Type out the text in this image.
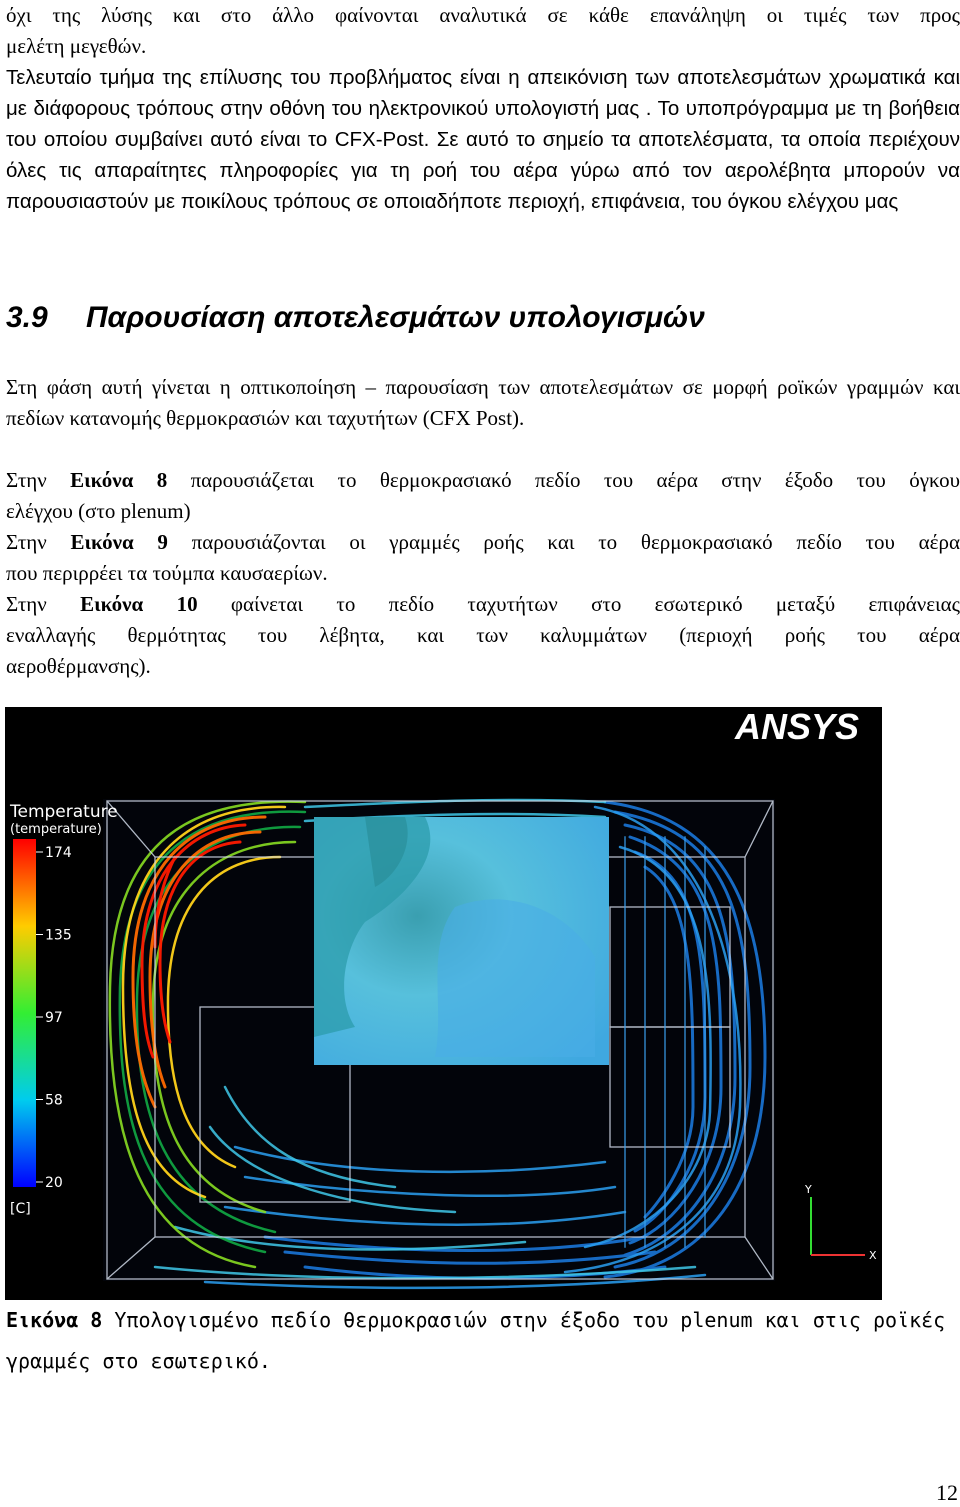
όχι της λύσης και στο άλλο φαίνονται αναλυτικά σε κάθε επανάληψη οι τιμές των προς

μελέτη μεγεθών.

Τελευταίο τμήμα της επίλυσης του προβλήματος είναι η απεικόνιση των αποτελεσμάτων χρωματικά και με διάφορους τρόπους στην οθόνη του ηλεκτρονικού υπολογιστή μας . Το υποπρόγραμμα με τη βοήθεια του οποίου συμβαίνει αυτό είναι το CFX-Post. Σε αυτό το σημείο τα αποτελέσματα, τα οποία περιέχουν όλες τις απαραίτητες πληροφορίες για τη ροή του αέρα γύρω από τον αερολέβητα μπορούν να παρουσιαστούν με ποικίλους τρόπους σε οποιαδήποτε περιοχή, επιφάνεια, του όγκου ελέγχου μας

3.9 Παρουσίαση αποτελεσμάτων υπολογισμών

Στη φάση αυτή γίνεται η οπτικοποίηση – παρουσίαση των αποτελεσμάτων σε μορφή ροϊκών γραμμών και πεδίων κατανομής θερμοκρασιών και ταχυτήτων (CFX Post).

Στην Εικόνα 8 παρουσιάζεται το θερμοκρασιακό πεδίο του αέρα στην έξοδο του όγκου

ελέγχου (στο plenum)

Στην Εικόνα 9 παρουσιάζονται οι γραμμές ροής και το θερμοκρασιακό πεδίο του αέρα

που περιρρέει τα τούμπα καυσαερίων.

Στην Εικόνα 10 φαίνεται το πεδίο ταχυτήτων στο εσωτερικό μεταξύ επιφάνειας

εναλλαγής θερμότητας του λέβητα, και των καλυμμάτων (περιοχή ροής του αέρα

αεροθέρμανσης).

ANSYS
Temperature
(temperature)
174
135
97
58
20
[C]
Y
X

Εικόνα 8 Υπολογισμένο πεδίο θερμοκρασιών στην έξοδο του plenum και στις ροϊκές γραμμές στο εσωτερικό.

12
